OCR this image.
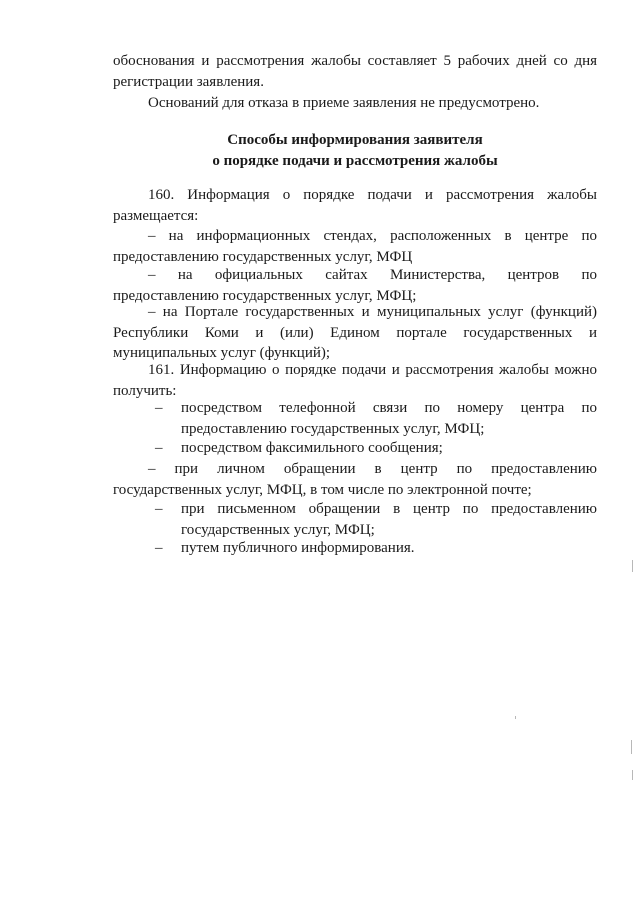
обоснования и рассмотрения жалобы составляет 5 рабочих дней со дня

регистрации заявления.

Оснований для отказа в приеме заявления не предусмотрено.

Способы информирования заявителя

о порядке подачи и рассмотрения жалобы

160. Информация о порядке подачи и рассмотрения жалобы

размещается:

– на информационных стендах, расположенных в центре по

предоставлению государственных услуг, МФЦ

– на официальных сайтах Министерства, центров по

предоставлению государственных услуг, МФЦ;

– на Порталe государственных и муниципальных услуг (функций)

Республики Коми и (или) Едином портале государственных и

муниципальных услуг (функций);

161. Информацию о порядке подачи и рассмотрения жалобы можно

получить:

–	посредством телефонной связи по номеру центра по

предоставлению государственных услуг, МФЦ;

–	посредством факсимильного сообщения;

– при личном обращении в центр по предоставлению

государственных услуг, МФЦ, в том числе по электронной почте;

–	при письменном обращении в центр по предоставлению

государственных услуг, МФЦ;

–	путем публичного информирования.
